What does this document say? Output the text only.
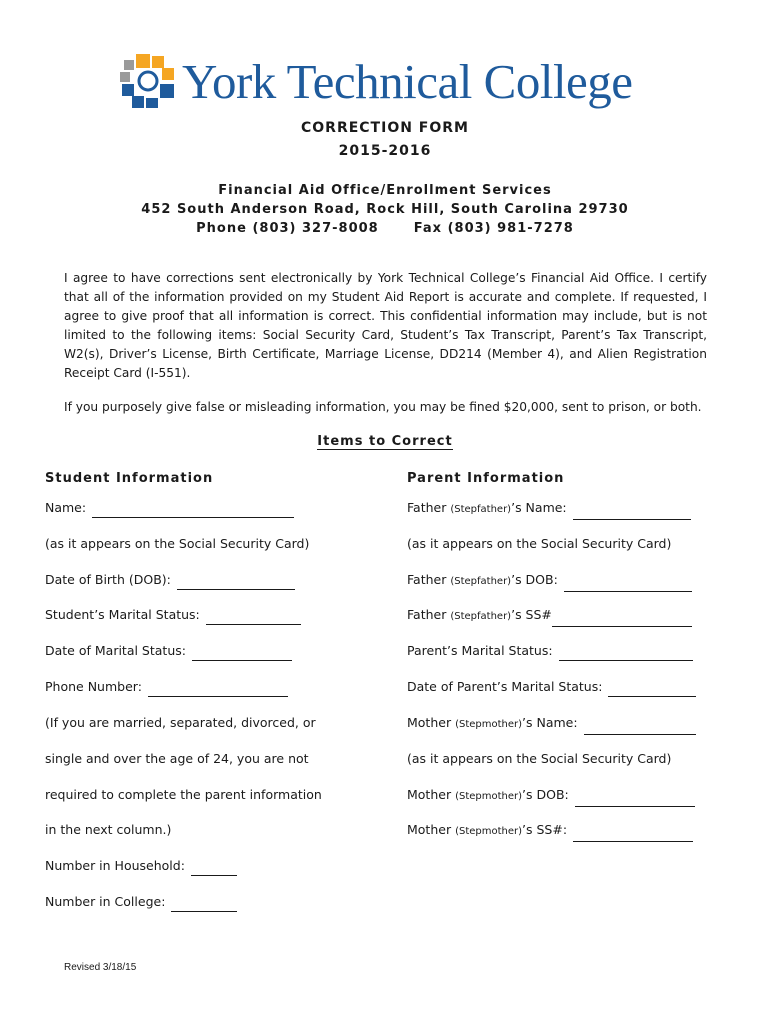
York Technical College
CORRECTION FORM
2015-2016
Financial Aid Office/Enrollment Services
452 South Anderson Road, Rock Hill, South Carolina 29730
Phone (803) 327-8008	Fax (803) 981-7278
I agree to have corrections sent electronically by York Technical College’s Financial Aid Office. I certify that all of the information provided on my Student Aid Report is accurate and complete. If requested, I agree to give proof that all information is correct. This confidential information may include, but is not limited to the following items: Social Security Card, Student’s Tax Transcript, Parent’s Tax Transcript, W2(s), Driver’s License, Birth Certificate, Marriage License, DD214 (Member 4), and Alien Registration Receipt Card (I-551).
If you purposely give false or misleading information, you may be fined $20,000, sent to prison, or both.
Items to Correct
Student Information	Parent Information
Name:
(as it appears on the Social Security Card)
Date of Birth (DOB):
Student’s Marital Status:
Date of Marital Status:
Phone Number:
(If you are married, separated, divorced, or
single and over the age of 24, you are not
required to complete the parent information
in the next column.)
Number in Household:
Number in College:
Father (Stepfather)’s Name:
(as it appears on the Social Security Card)
Father (Stepfather)’s DOB:
Father (Stepfather)’s SS#
Parent’s Marital Status:
Date of Parent’s Marital Status:
Mother (Stepmother)’s Name:
(as it appears on the Social Security Card)
Mother (Stepmother)’s DOB:
Mother (Stepmother)’s SS#:
Revised 3/18/15
